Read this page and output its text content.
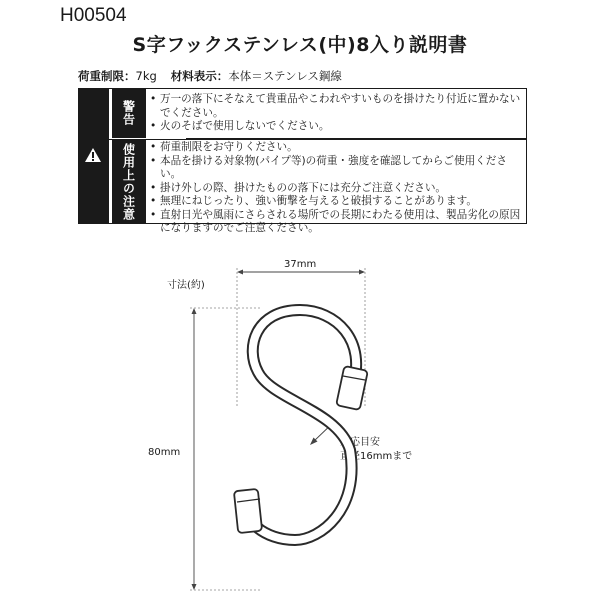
H00504
S字フックステンレス(中)8入り説明書
荷重制限：7kg 材料表示：本体＝ステンレス鋼線
警告
使用上の注意
• 万一の落下にそなえて貴重品やこわれやすいものを掛けたり付近に置かないでください。
• 火のそばで使用しないでください。
• 荷重制限をお守りください。
• 本品を掛ける対象物(パイプ等)の荷重・強度を確認してからご使用ください。
• 掛け外しの際、掛けたものの落下には充分ご注意ください。
• 無理にねじったり、強い衝撃を与えると破損することがあります。
• 直射日光や風雨にさらされる場所での長期にわたる使用は、製品劣化の原因になりますのでご注意ください。
寸法(約)
37mm
80mm
対応目安
直径16mmまで
